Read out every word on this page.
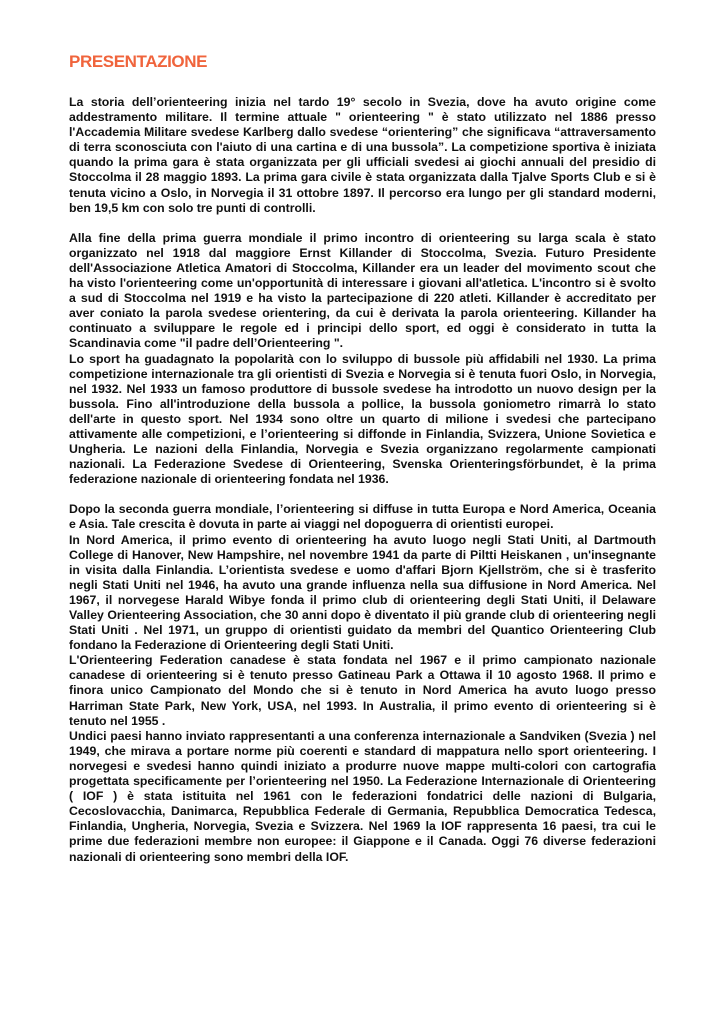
PRESENTAZIONE

La storia dell’orienteering inizia nel tardo 19° secolo in Svezia, dove ha avuto origine come addestramento militare. Il termine attuale " orienteering " è stato utilizzato nel 1886 presso l'Accademia Militare svedese Karlberg dallo svedese “orientering” che significava “attraversamento di terra sconosciuta con l'aiuto di una cartina e di una bussola”. La competizione sportiva è iniziata quando la prima gara è stata organizzata per gli ufficiali svedesi ai giochi annuali del presidio di Stoccolma il 28 maggio 1893. La prima gara civile è stata organizzata dalla Tjalve Sports Club e si è tenuta vicino a Oslo, in Norvegia il 31 ottobre 1897. Il percorso era lungo per gli standard moderni, ben 19,5 km con solo tre punti di controlli.

Alla fine della prima guerra mondiale il primo incontro di orienteering su larga scala è stato organizzato nel 1918 dal maggiore Ernst Killander di Stoccolma, Svezia. Futuro Presidente dell'Associazione Atletica Amatori di Stoccolma, Killander era un leader del movimento scout che ha visto l'orienteering come un'opportunità di interessare i giovani all'atletica. L'incontro si è svolto a sud di Stoccolma nel 1919 e ha visto la partecipazione di 220 atleti. Killander è accreditato per aver coniato la parola svedese orientering, da cui è derivata la parola orienteering. Killander ha continuato a sviluppare le regole ed i principi dello sport, ed oggi è considerato in tutta la Scandinavia come "il padre dell’Orienteering ".

Lo sport ha guadagnato la popolarità con lo sviluppo di bussole più affidabili nel 1930. La prima competizione internazionale tra gli orientisti di Svezia e Norvegia si è tenuta fuori Oslo, in Norvegia, nel 1932. Nel 1933 un famoso produttore di bussole svedese ha introdotto un nuovo design per la bussola. Fino all'introduzione della bussola a pollice, la bussola goniometro rimarrà lo stato dell'arte in questo sport. Nel 1934 sono oltre un quarto di milione i svedesi che partecipano attivamente alle competizioni, e l’orienteering si diffonde in Finlandia, Svizzera, Unione Sovietica e Ungheria. Le nazioni della Finlandia, Norvegia e Svezia organizzano regolarmente campionati nazionali. La Federazione Svedese di Orienteering, Svenska Orienteringsförbundet, è la prima federazione nazionale di orienteering fondata nel 1936.

Dopo la seconda guerra mondiale, l’orienteering si diffuse in tutta Europa e Nord America, Oceania e Asia. Tale crescita è dovuta in parte ai viaggi nel dopoguerra di orientisti europei.

In Nord America, il primo evento di orienteering ha avuto luogo negli Stati Uniti, al Dartmouth College di Hanover, New Hampshire, nel novembre 1941 da parte di Piltti Heiskanen , un'insegnante in visita dalla Finlandia. L’orientista svedese e uomo d'affari Bjorn Kjellström, che si è trasferito negli Stati Uniti nel 1946, ha avuto una grande influenza nella sua diffusione in Nord America. Nel 1967, il norvegese Harald Wibye fonda il primo club di orienteering degli Stati Uniti, il Delaware Valley Orienteering Association, che 30 anni dopo è diventato il più grande club di orienteering negli Stati Uniti . Nel 1971, un gruppo di orientisti guidato da membri del Quantico Orienteering Club fondano la Federazione di Orienteering degli Stati Uniti.

L'Orienteering Federation canadese è stata fondata nel 1967 e il primo campionato nazionale canadese di orienteering si è tenuto presso Gatineau Park a Ottawa il 10 agosto 1968. Il primo e finora unico Campionato del Mondo che si è tenuto in Nord America ha avuto luogo presso Harriman State Park, New York, USA, nel 1993. In Australia, il primo evento di orienteering si è tenuto nel 1955 .

Undici paesi hanno inviato rappresentanti a una conferenza internazionale a Sandviken (Svezia ) nel 1949, che mirava a portare norme più coerenti e standard di mappatura nello sport orienteering. I norvegesi e svedesi hanno quindi iniziato a produrre nuove mappe multi-colori con cartografia progettata specificamente per l’orienteering nel 1950. La Federazione Internazionale di Orienteering ( IOF ) è stata istituita nel 1961 con le federazioni fondatrici delle nazioni di Bulgaria, Cecoslovacchia, Danimarca, Repubblica Federale di Germania, Repubblica Democratica Tedesca, Finlandia, Ungheria, Norvegia, Svezia e Svizzera. Nel 1969 la IOF rappresenta 16 paesi, tra cui le prime due federazioni membre non europee: il Giappone e il Canada. Oggi 76 diverse federazioni nazionali di orienteering sono membri della IOF.
